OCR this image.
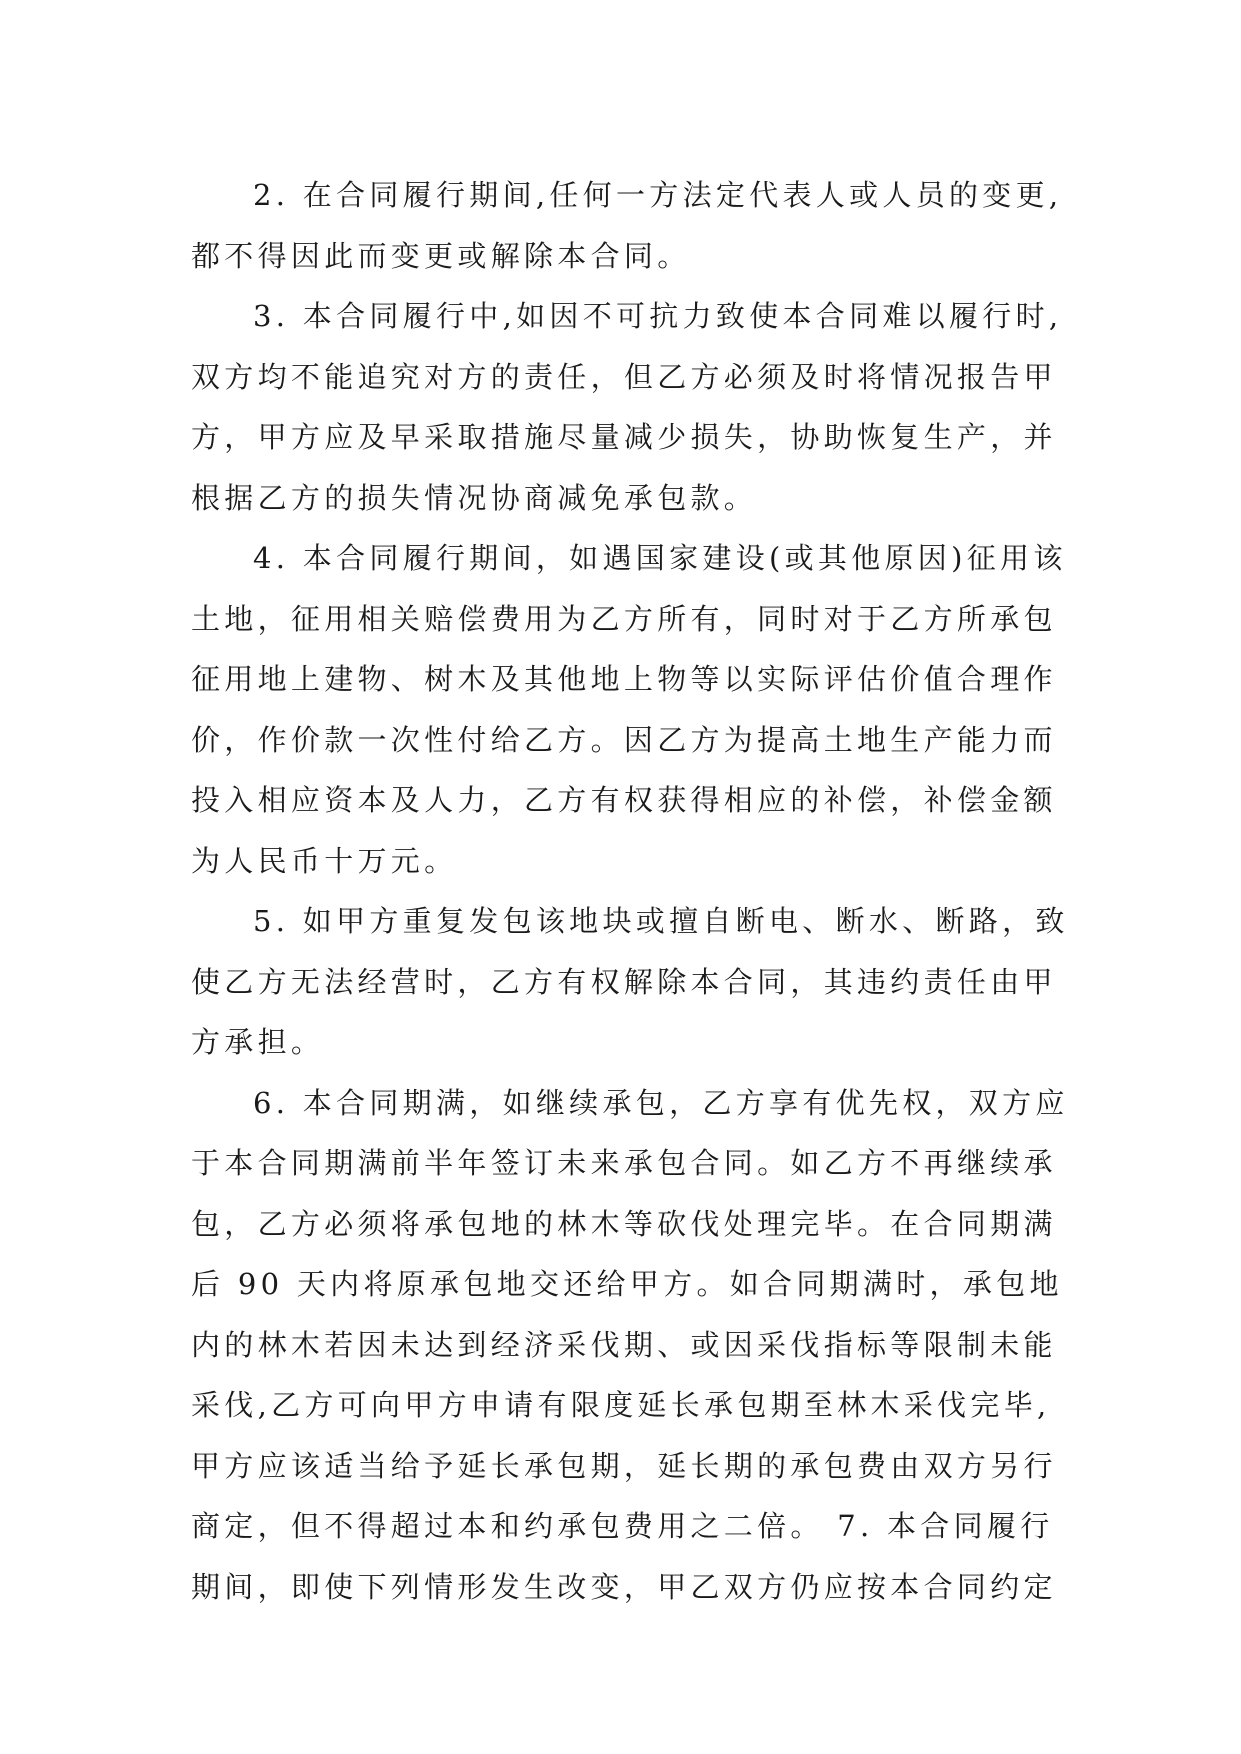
2. 在合同履行期间,任何一方法定代表人或人员的变更,
都不得因此而变更或解除本合同。
3. 本合同履行中,如因不可抗力致使本合同难以履行时,
双方均不能追究对方的责任，但乙方必须及时将情况报告甲
方，甲方应及早采取措施尽量减少损失，协助恢复生产，并
根据乙方的损失情况协商减免承包款。
4. 本合同履行期间，如遇国家建设(或其他原因)征用该
土地，征用相关赔偿费用为乙方所有，同时对于乙方所承包
征用地上建物、树木及其他地上物等以实际评估价值合理作
价，作价款一次性付给乙方。因乙方为提高土地生产能力而
投入相应资本及人力，乙方有权获得相应的补偿，补偿金额
为人民币十万元。
5. 如甲方重复发包该地块或擅自断电、断水、断路，致
使乙方无法经营时，乙方有权解除本合同，其违约责任由甲
方承担。
6. 本合同期满，如继续承包，乙方享有优先权，双方应
于本合同期满前半年签订未来承包合同。如乙方不再继续承
包，乙方必须将承包地的林木等砍伐处理完毕。在合同期满
后 90 天内将原承包地交还给甲方。如合同期满时，承包地
内的林木若因未达到经济采伐期、或因采伐指标等限制未能
采伐,乙方可向甲方申请有限度延长承包期至林木采伐完毕,
甲方应该适当给予延长承包期，延长期的承包费由双方另行
商定，但不得超过本和约承包费用之二倍。 7. 本合同履行
期间，即使下列情形发生改变，甲乙双方仍应按本合同约定
